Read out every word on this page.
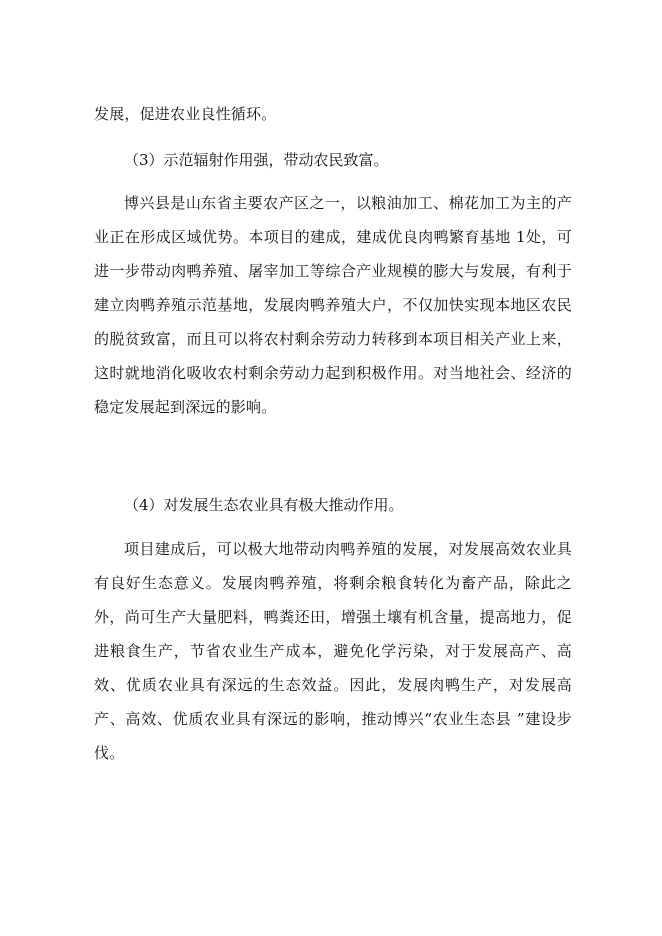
发展，促进农业良性循环。

（3）示范辐射作用强，带动农民致富。

博兴县是山东省主要农产区之一，以粮油加工、棉花加工为主的产业正在形成区域优势。本项目的建成，建成优良肉鸭繁育基地 1处，可进一步带动肉鸭养殖、屠宰加工等综合产业规模的膨大与发展，有利于建立肉鸭养殖示范基地，发展肉鸭养殖大户，不仅加快实现本地区农民的脱贫致富，而且可以将农村剩余劳动力转移到本项目相关产业上来，这时就地消化吸收农村剩余劳动力起到积极作用。对当地社会、经济的稳定发展起到深远的影响。

（4）对发展生态农业具有极大推动作用。

项目建成后，可以极大地带动肉鸭养殖的发展，对发展高效农业具有良好生态意义。发展肉鸭养殖，将剩余粮食转化为畜产品，除此之外，尚可生产大量肥料，鸭粪还田，增强土壤有机含量，提高地力，促进粮食生产，节省农业生产成本，避免化学污染，对于发展高产、高效、优质农业具有深远的生态效益。因此，发展肉鸭生产，对发展高产、高效、优质农业具有深远的影响，推动博兴“农业生态县 ”建设步伐。
